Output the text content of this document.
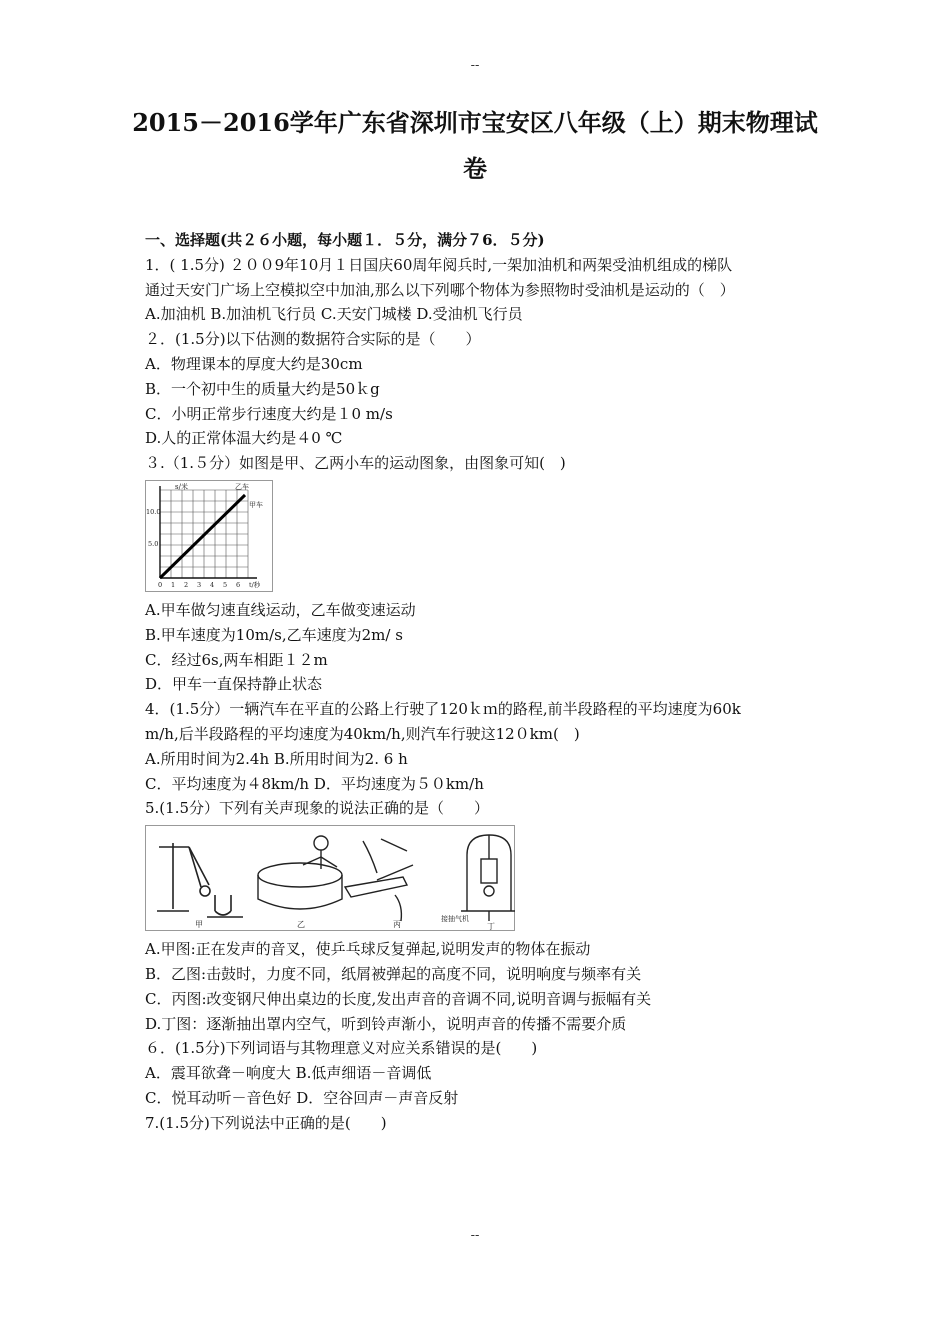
--
2015－2016学年广东省深圳市宝安区八年级（上）期末物理试
卷
一、选择题(共２６小题，每小题１．５分，满分７6．５分)
1．( 1.5分) ２００9年10月１日国庆60周年阅兵时,一架加油机和两架受油机组成的梯队
通过天安门广场上空模拟空中加油,那么以下列哪个物体为参照物时受油机是运动的（　）
A.加油机 B.加油机飞行员 C.天安门城楼 D.受油机飞行员
２．(1.5分)以下估测的数据符合实际的是（　　）
A．物理课本的厚度大约是30cm
B．一个初中生的质量大约是50ｋg
C．小明正常步行速度大约是１0 m/s
D.人的正常体温大约是４0 ℃
３.（1.５分）如图是甲、乙两小车的运动图象，由图象可知(　)
s/米	乙车
甲车
10.0
5.0
0 1 2 3 4 5 6 t/秒
A.甲车做匀速直线运动，乙车做变速运动
B.甲车速度为10m/s,乙车速度为2m/ s
C．经过6s,两车相距１２m
D．甲车一直保持静止状态
4．(1.5分）一辆汽车在平直的公路上行驶了120ｋｍ的路程,前半段路程的平均速度为60k
m/h,后半段路程的平均速度为40km/h,则汽车行驶这12０km(　)
A.所用时间为2.4h B.所用时间为2. 6 h
C．平均速度为４8km/h D．平均速度为５０km/h
5.(1.5分）下列有关声现象的说法正确的是（　　）
甲	乙	丙	丁
接抽气机
A.甲图:正在发声的音叉，使乒乓球反复弹起,说明发声的物体在振动
B．乙图:击鼓时，力度不同，纸屑被弹起的高度不同，说明响度与频率有关
C．丙图:改变钢尺伸出桌边的长度,发出声音的音调不同,说明音调与振幅有关
D.丁图：逐渐抽出罩内空气，听到铃声渐小，说明声音的传播不需要介质
６．(1.5分)下列词语与其物理意义对应关系错误的是(　　)
A．震耳欲聋－响度大 B.低声细语－音调低
C．悦耳动听－音色好 D．空谷回声－声音反射
7.(1.5分)下列说法中正确的是(　　)
--
